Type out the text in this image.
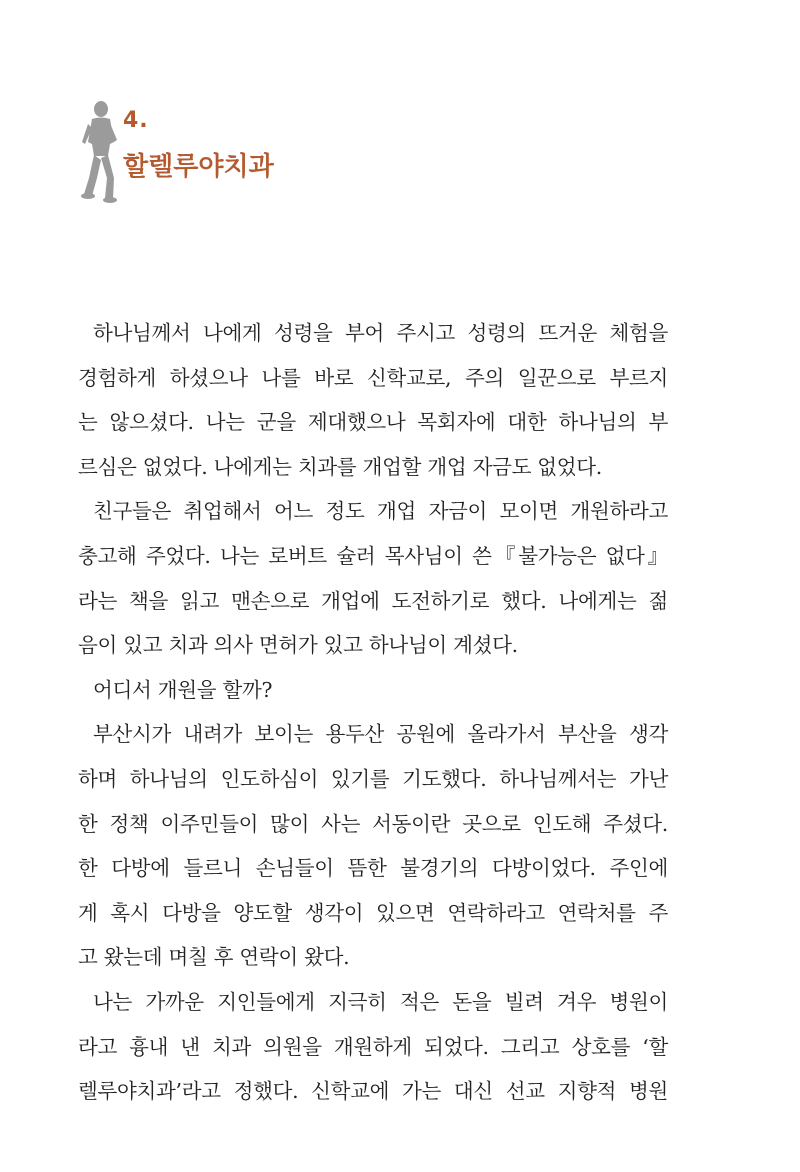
4.
할렐루야치과
하나님께서 나에게 성령을 부어 주시고 성령의 뜨거운 체험을
경험하게 하셨으나 나를 바로 신학교로, 주의 일꾼으로 부르지
는 않으셨다. 나는 군을 제대했으나 목회자에 대한 하나님의 부
르심은 없었다. 나에게는 치과를 개업할 개업 자금도 없었다.
친구들은 취업해서 어느 정도 개업 자금이 모이면 개원하라고
충고해 주었다. 나는 로버트 슐러 목사님이 쓴『불가능은 없다』
라는 책을 읽고 맨손으로 개업에 도전하기로 했다. 나에게는 젊
음이 있고 치과 의사 면허가 있고 하나님이 계셨다.
어디서 개원을 할까?
부산시가 내려가 보이는 용두산 공원에 올라가서 부산을 생각
하며 하나님의 인도하심이 있기를 기도했다. 하나님께서는 가난
한 정책 이주민들이 많이 사는 서동이란 곳으로 인도해 주셨다.
한 다방에 들르니 손님들이 뜸한 불경기의 다방이었다. 주인에
게 혹시 다방을 양도할 생각이 있으면 연락하라고 연락처를 주
고 왔는데 며칠 후 연락이 왔다.
나는 가까운 지인들에게 지극히 적은 돈을 빌려 겨우 병원이
라고 흉내 낸 치과 의원을 개원하게 되었다. 그리고 상호를 ‘할
렐루야치과’라고 정했다. 신학교에 가는 대신 선교 지향적 병원
